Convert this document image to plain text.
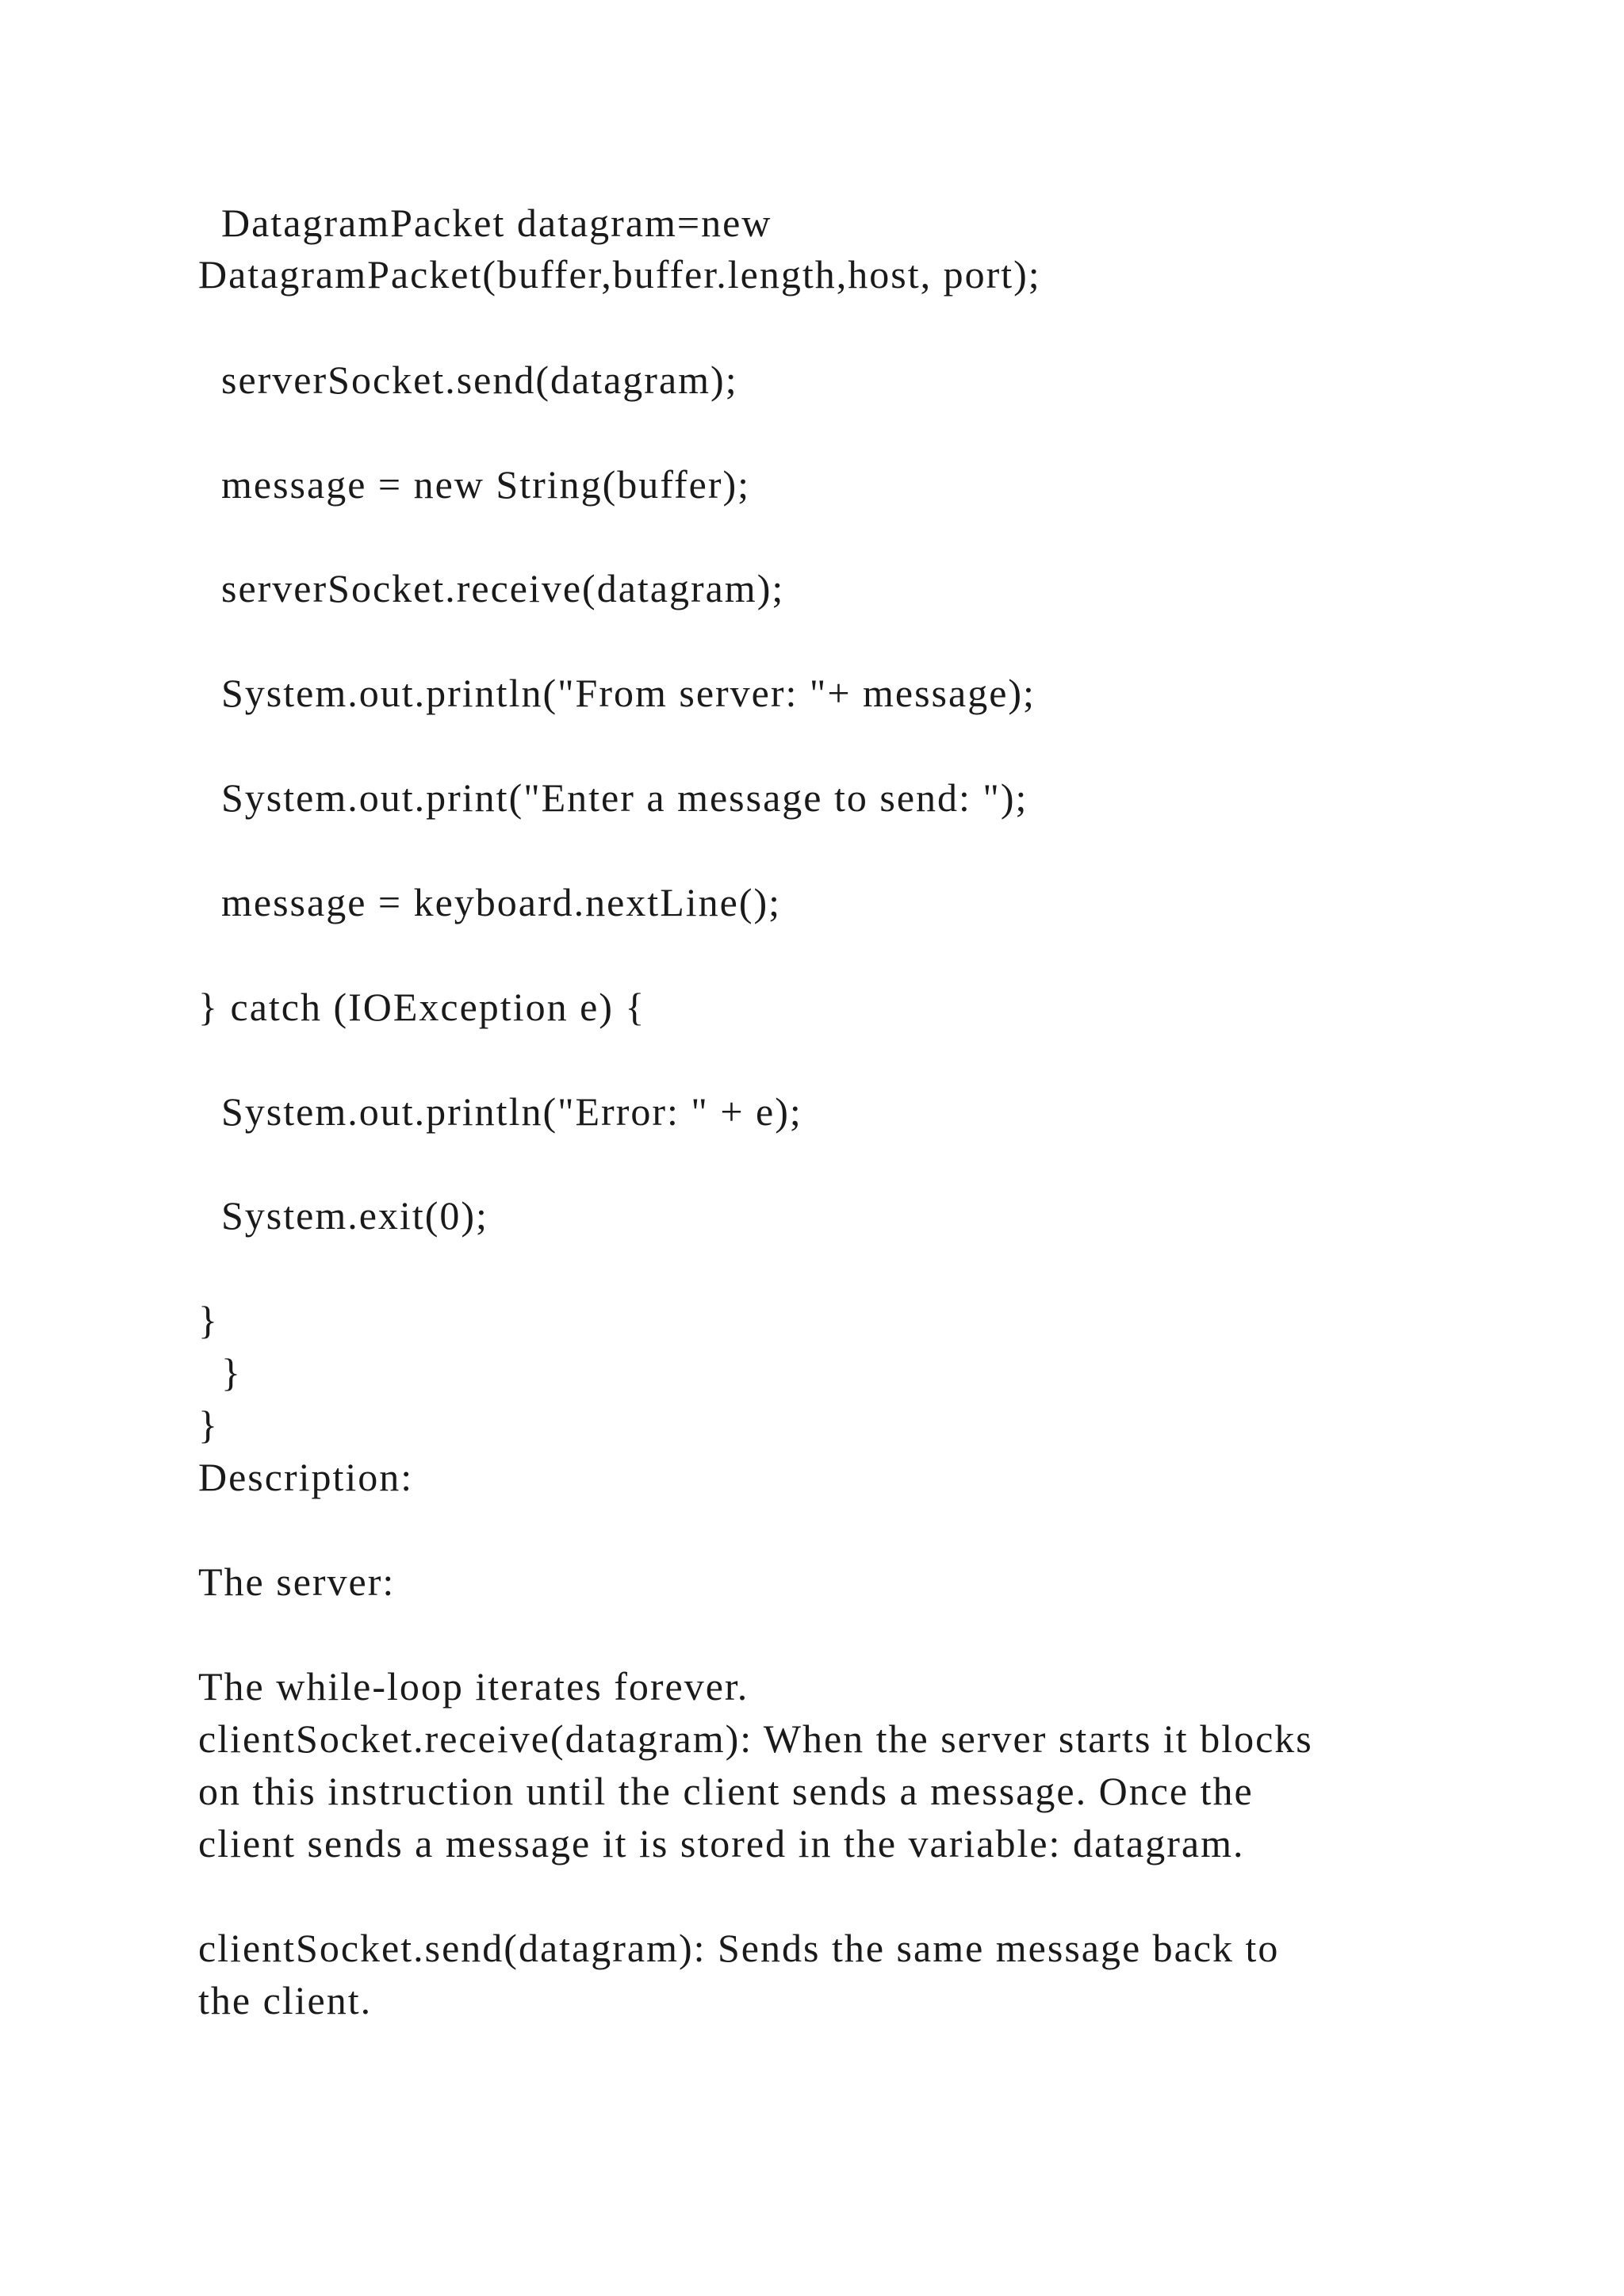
DatagramPacket datagram=new
DatagramPacket(buffer,buffer.length,host, port);
serverSocket.send(datagram);
message = new String(buffer);
serverSocket.receive(datagram);
System.out.println("From server: "+ message);
System.out.print("Enter a message to send: ");
message = keyboard.nextLine();
} catch (IOException e) {
System.out.println("Error: " + e);
System.exit(0);
}
}
}
Description:
The server:
The while-loop iterates forever.
clientSocket.receive(datagram): When the server starts it blocks
on this instruction until the client sends a message. Once the
client sends a message it is stored in the variable: datagram.
clientSocket.send(datagram): Sends the same message back to
the client.
